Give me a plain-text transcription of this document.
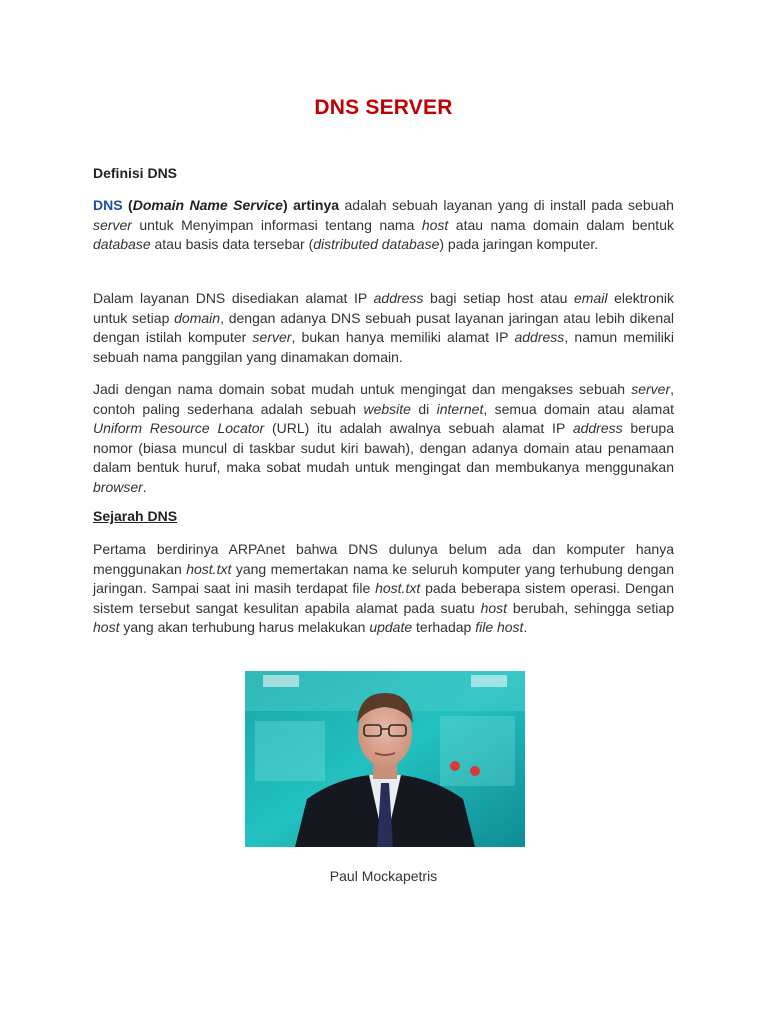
DNS SERVER
Definisi DNS

DNS (Domain Name Service) artinya adalah sebuah layanan yang di install pada sebuah server untuk Menyimpan informasi tentang nama host atau nama domain dalam bentuk database atau basis data tersebar (distributed database) pada jaringan komputer.

Dalam layanan DNS disediakan alamat IP address bagi setiap host atau email elektronik untuk setiap domain, dengan adanya DNS sebuah pusat layanan jaringan atau lebih dikenal dengan istilah komputer server, bukan hanya memiliki alamat IP address, namun memiliki sebuah nama panggilan yang dinamakan domain.

Jadi dengan nama domain sobat mudah untuk mengingat dan mengakses sebuah server, contoh paling sederhana adalah sebuah website di internet, semua domain atau alamat Uniform Resource Locator (URL) itu adalah awalnya sebuah alamat IP address berupa nomor (biasa muncul di taskbar sudut kiri bawah), dengan adanya domain atau penamaan dalam bentuk huruf, maka sobat mudah untuk mengingat dan membukanya menggunakan browser.

Sejarah DNS

Pertama berdirinya ARPAnet bahwa DNS dulunya belum ada dan komputer hanya menggunakan host.txt yang memertakan nama ke seluruh komputer yang terhubung dengan jaringan. Sampai saat ini masih terdapat file host.txt pada beberapa sistem operasi. Dengan sistem tersebut sangat kesulitan apabila alamat pada suatu host berubah, sehingga setiap host yang akan terhubung harus melakukan update terhadap file host.

Paul Mockapetris
